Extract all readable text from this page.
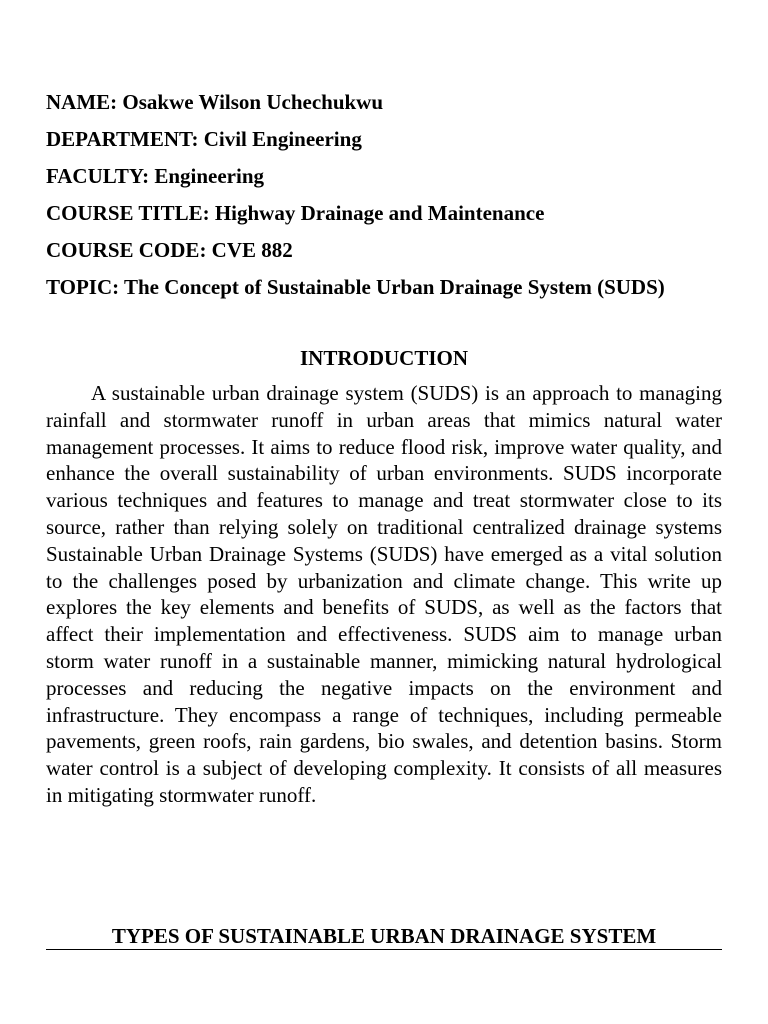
NAME: Osakwe Wilson Uchechukwu
DEPARTMENT: Civil Engineering
FACULTY: Engineering
COURSE TITLE: Highway Drainage and Maintenance
COURSE CODE: CVE 882
TOPIC: The Concept of Sustainable Urban Drainage System (SUDS)
INTRODUCTION

A sustainable urban drainage system (SUDS) is an approach to managing rainfall and stormwater runoff in urban areas that mimics natural water management processes. It aims to reduce flood risk, improve water quality, and enhance the overall sustainability of urban environments. SUDS incorporate various techniques and features to manage and treat stormwater close to its source, rather than relying solely on traditional centralized drainage systems Sustainable Urban Drainage Systems (SUDS) have emerged as a vital solution to the challenges posed by urbanization and climate change. This write up explores the key elements and benefits of SUDS, as well as the factors that affect their implementation and effectiveness. SUDS aim to manage urban storm water runoff in a sustainable manner, mimicking natural hydrological processes and reducing the negative impacts on the environment and infrastructure. They encompass a range of techniques, including permeable pavements, green roofs, rain gardens, bio swales, and detention basins. Storm water control is a subject of developing complexity. It consists of all measures in mitigating stormwater runoff.

TYPES OF SUSTAINABLE URBAN DRAINAGE SYSTEM
